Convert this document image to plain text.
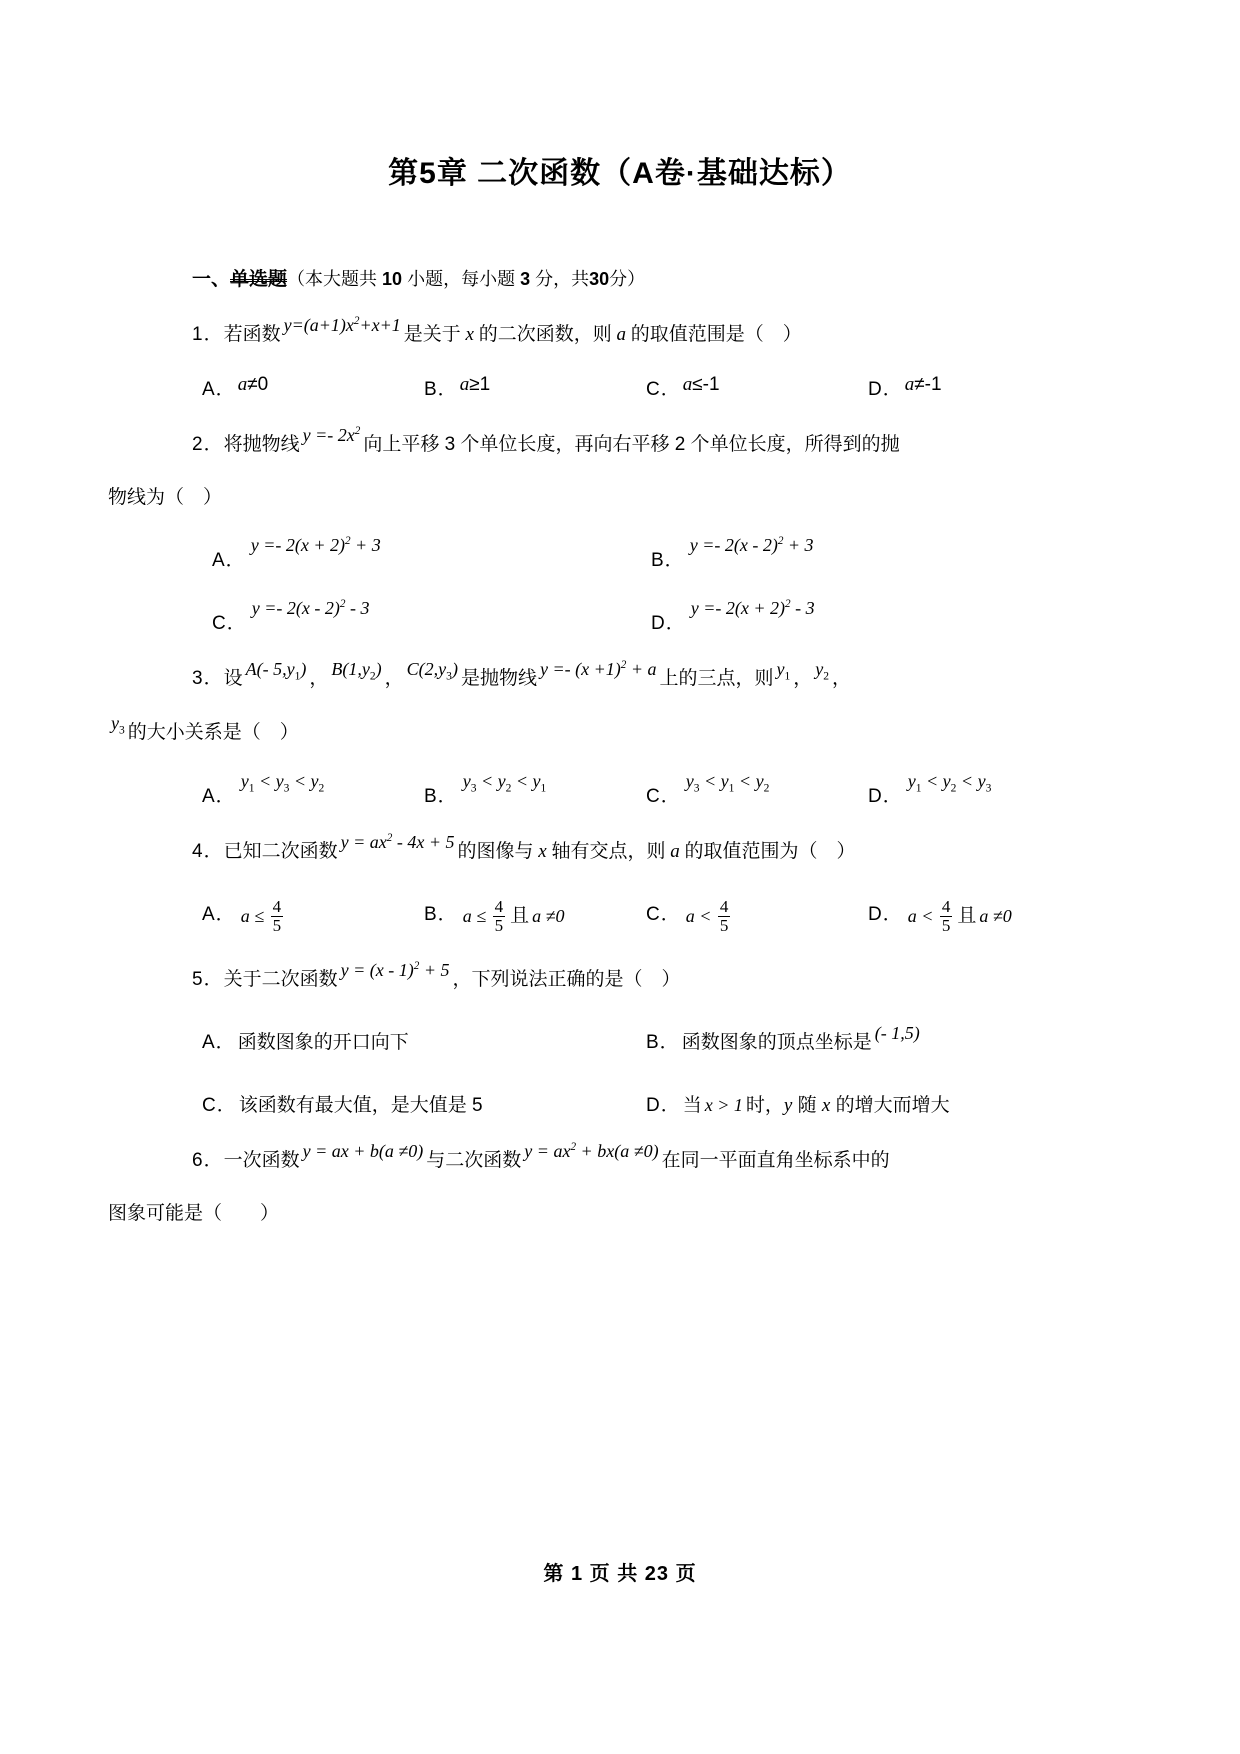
第5章 二次函数（A卷·基础达标）
一、单选题（本大题共 10 小题，每小题 3 分，共30分）
1．若函数 $y=(a+1)x^2+x+1$ 是关于 x 的二次函数，则 a 的取值范围是（　）
A． a≠0	B． a≥1	C． a≤‑1	D． a≠‑1
2．将抛物线 $y =- 2x^2$向上平移 3 个单位长度，再向右平移 2 个单位长度，所得到的抛
物线为（　）
A．
$y =- 2(x + 2)^2 + 3$
B．
y =- 2(x - 2)$^2$ + 3
C．
y =- 2(x - 2)$^2$ - 3
D．
$y =- 2(x + 2)^2 - 3$
3．设 A(- $5,y_1$) ， $B(1,y_2)$ ， $C(2,y_3)$ 是抛物线 $y =- (x +1)^2 + a$ 上的三点，则 $y_1$ ， $y_2$ ，
$y_3$ 的大小关系是（　）
A．
$y_1 < y_3 < y_2$	B．
$y_3 < y_2 < y_1$	C．
$y_3 < y_1 < y_2$	D．
$y_1 < y_2 < y_3$
4．已知二次函数 $y = ax^2 - 4x + 5$ 的图像与 x 轴有交点，则 a 的取值范围为（　）
A． $a \le \frac{4}{5}$	B． $a \le \frac{4}{5}$ 且 a ≠0	C． $a < \frac{4}{5}$	D． $a < \frac{4}{5}$ 且 a ≠0
5．关于二次函数 y = (x - 1)$^2$ + 5 ，下列说法正确的是（　）
A． 函数图象的开口向下	B． 函数图象的顶点坐标是 (- 1,5)
C． 该函数有最大值，是大值是 5	D． 当 x > 1 时，y 随 x 的增大而增大
6．一次函数 y = ax + b(a ≠0) 与二次函数 $y = ax^2 + bx(a \ne 0)$ 在同一平面直角坐标系中的
图象可能是（　　）
第 1 页 共 23 页
